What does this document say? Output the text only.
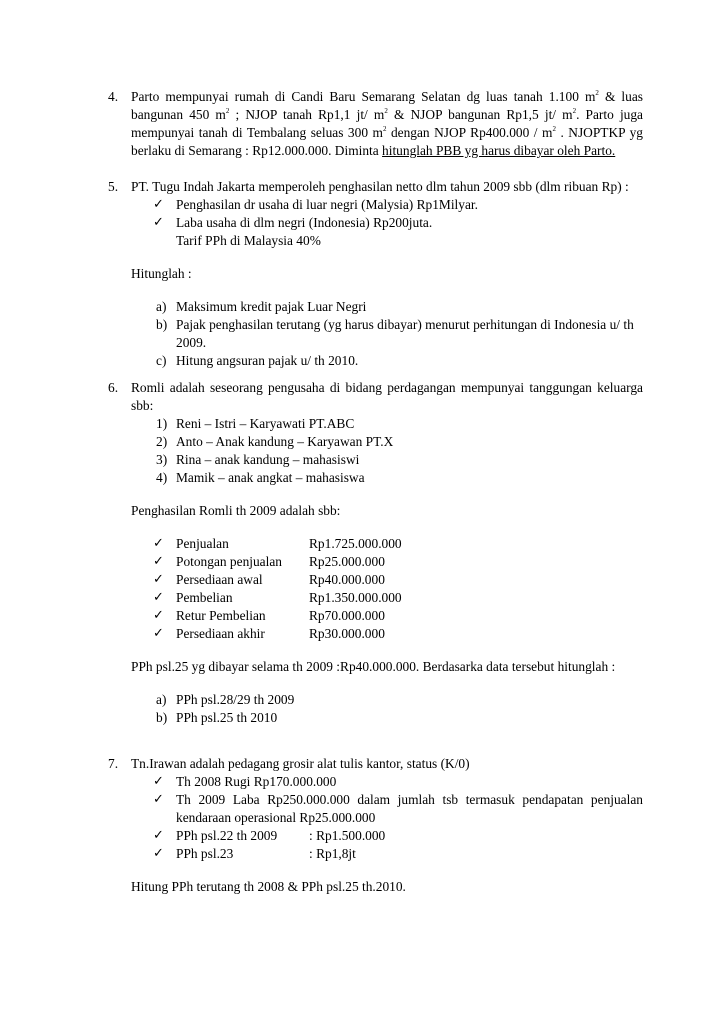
4. Parto mempunyai rumah di Candi Baru Semarang Selatan dg luas tanah 1.100 $m^2$ & luas
bangunan 450 $m^2$ ; NJOP tanah Rp1,1 jt/ $m^2$ & NJOP bangunan Rp1,5 jt/ $m^2$. Parto juga
mempunyai tanah di Tembalang seluas 300 $m^2$ dengan NJOP $Rp400.000 / m^2$ . NJOPTKP yg
berlaku di Semarang : Rp12.000.000. Diminta hitunglah PBB yg harus dibayar oleh Parto.
5. PT. Tugu Indah Jakarta memperoleh penghasilan netto dlm tahun 2009 sbb (dlm ribuan Rp) :
✓ Penghasilan dr usaha di luar negri (Malysia) Rp1Milyar.
✓ Laba usaha di dlm negri (Indonesia) Rp200juta.
Tarif PPh di Malaysia 40%
Hitunglah :
a) Maksimum kredit pajak Luar Negri
b) Pajak penghasilan terutang (yg harus dibayar) menurut perhitungan di Indonesia u/ th
2009.
c) Hitung angsuran pajak u/ th 2010.
6. Romli adalah seseorang pengusaha di bidang perdagangan mempunyai tanggungan keluarga
sbb:
1) Reni – Istri – Karyawati PT.ABC
2) Anto – Anak kandung – Karyawan PT.X
3) Rina – anak kandung – mahasiswi
4) Mamik – anak angkat – mahasiswa
Penghasilan Romli th 2009 adalah sbb:
✓ Penjualan	Rp1.725.000.000
✓ Potongan penjualan Rp25.000.000
✓ Persediaan awal	Rp40.000.000
✓ Pembelian	Rp1.350.000.000
✓ Retur Pembelian	Rp70.000.000
✓ Persediaan akhir	Rp30.000.000
PPh psl.25 yg dibayar selama th 2009 :Rp40.000.000. Berdasarka data tersebut hitunglah :
a) PPh psl.28/29 th 2009
b) PPh psl.25 th 2010
7. Tn.Irawan adalah pedagang grosir alat tulis kantor, status (K/0)
✓ Th 2008 Rugi Rp170.000.000
✓ Th 2009 Laba Rp250.000.000 dalam jumlah tsb termasuk pendapatan penjualan
kendaraan operasional Rp25.000.000
✓ PPh psl.22 th 2009 : Rp1.500.000
✓ PPh psl.23	: Rp1,8jt
Hitung PPh terutang th 2008 & PPh psl.25 th.2010.
